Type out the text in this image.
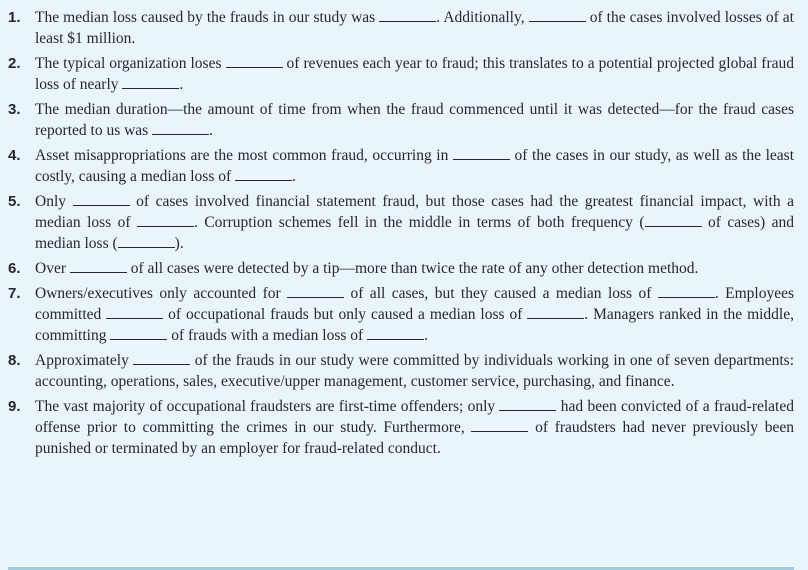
1. The median loss caused by the frauds in our study was	. Additionally,	of the cases involved losses of at least $1 million.
2. The typical organization loses	of revenues each year to fraud; this translates to a potential projected global fraud loss of nearly	.
3. The median duration—the amount of time from when the fraud commenced until it was detected—for the fraud cases reported to us was	.
4. Asset misappropriations are the most common fraud, occurring in	of the cases in our study, as well as the least costly, causing a median loss of	.
5. Only	of cases involved financial statement fraud, but those cases had the greatest financial impact, with a median loss of	. Corruption schemes fell in the middle in terms of both frequency (	of cases) and median loss (	).
6. Over	of all cases were detected by a tip—more than twice the rate of any other detection method.
7. Owners/executives only accounted for	of all cases, but they caused a median loss of	. Employees committed	of occupational frauds but only caused a median loss of	. Managers ranked in the middle, committing	of frauds with a median loss of	.
8. Approximately	of the frauds in our study were committed by individuals working in one of seven departments: accounting, operations, sales, executive/upper management, customer service, purchasing, and finance.
9. The vast majority of occupational fraudsters are first-time offenders; only	had been convicted of a fraud-related offense prior to committing the crimes in our study. Furthermore,	of fraudsters had never previously been punished or terminated by an employer for fraud-related conduct.
